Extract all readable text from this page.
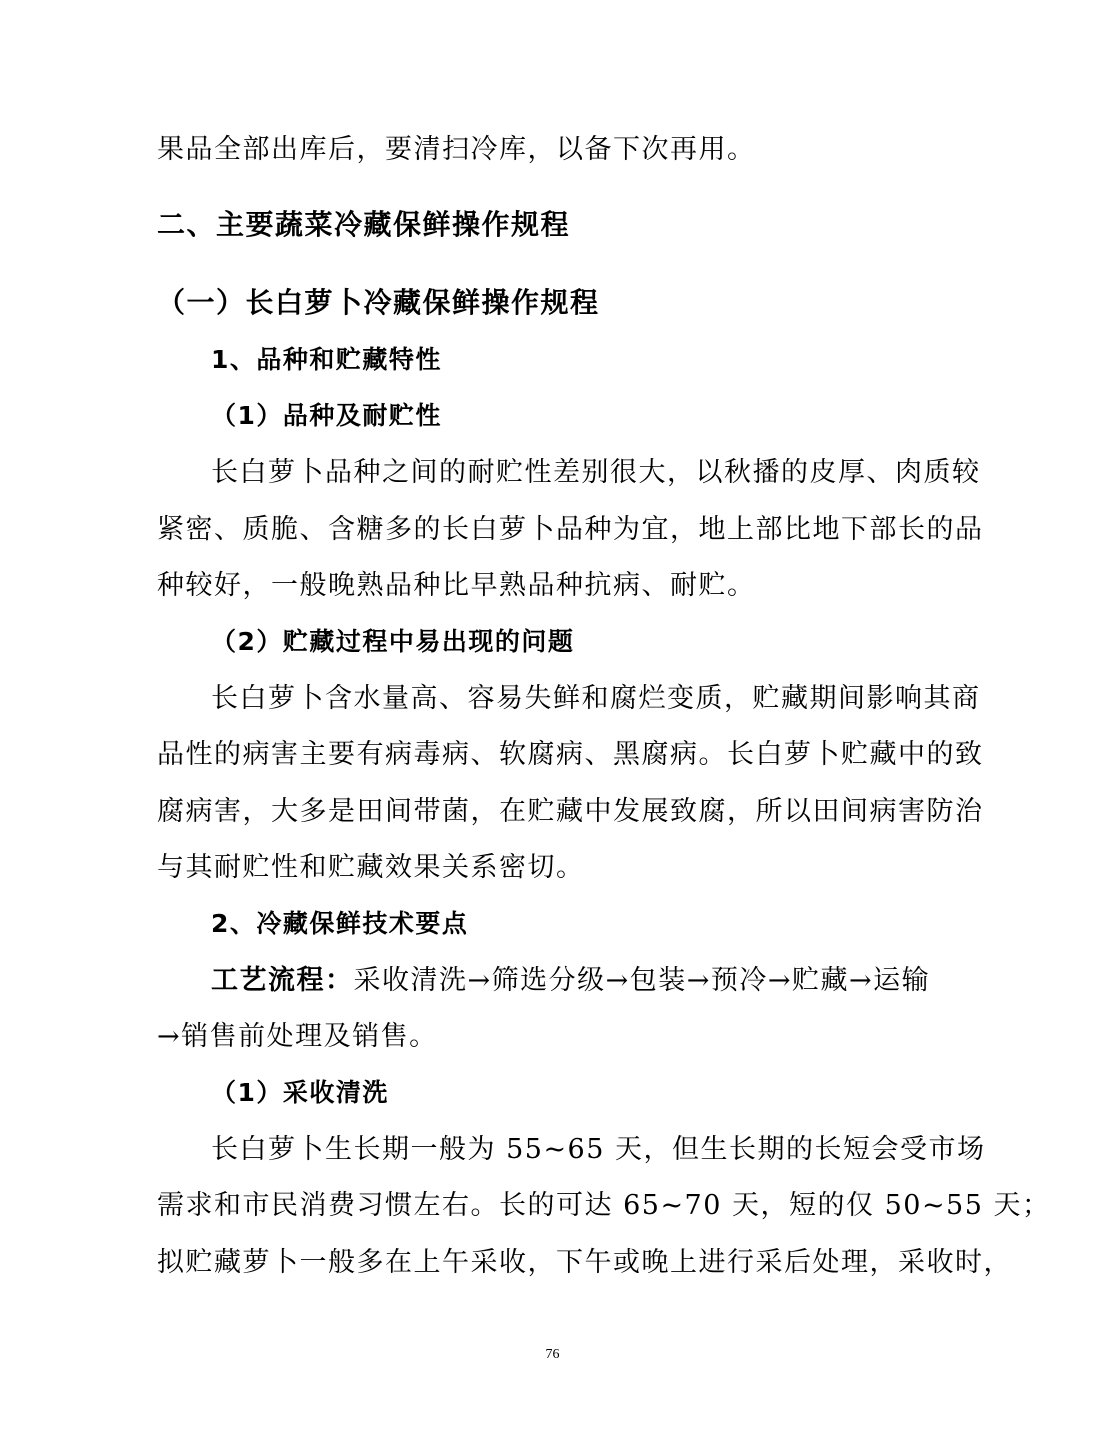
果品全部出库后，要清扫冷库，以备下次再用。
二、主要蔬菜冷藏保鲜操作规程
（一）长白萝卜冷藏保鲜操作规程
1、品种和贮藏特性
（1）品种及耐贮性
长白萝卜品种之间的耐贮性差别很大，以秋播的皮厚、肉质较
紧密、质脆、含糖多的长白萝卜品种为宜，地上部比地下部长的品
种较好，一般晚熟品种比早熟品种抗病、耐贮。
（2）贮藏过程中易出现的问题
长白萝卜含水量高、容易失鲜和腐烂变质，贮藏期间影响其商
品性的病害主要有病毒病、软腐病、黑腐病。长白萝卜贮藏中的致
腐病害，大多是田间带菌，在贮藏中发展致腐，所以田间病害防治
与其耐贮性和贮藏效果关系密切。
2、冷藏保鲜技术要点
工艺流程：采收清洗→筛选分级→包装→预冷→贮藏→运输
→销售前处理及销售。
（1）采收清洗
长白萝卜生长期一般为 55~65 天，但生长期的长短会受市场
需求和市民消费习惯左右。长的可达 65~70 天，短的仅 50~55 天；
拟贮藏萝卜一般多在上午采收，下午或晚上进行采后处理，采收时，
76
